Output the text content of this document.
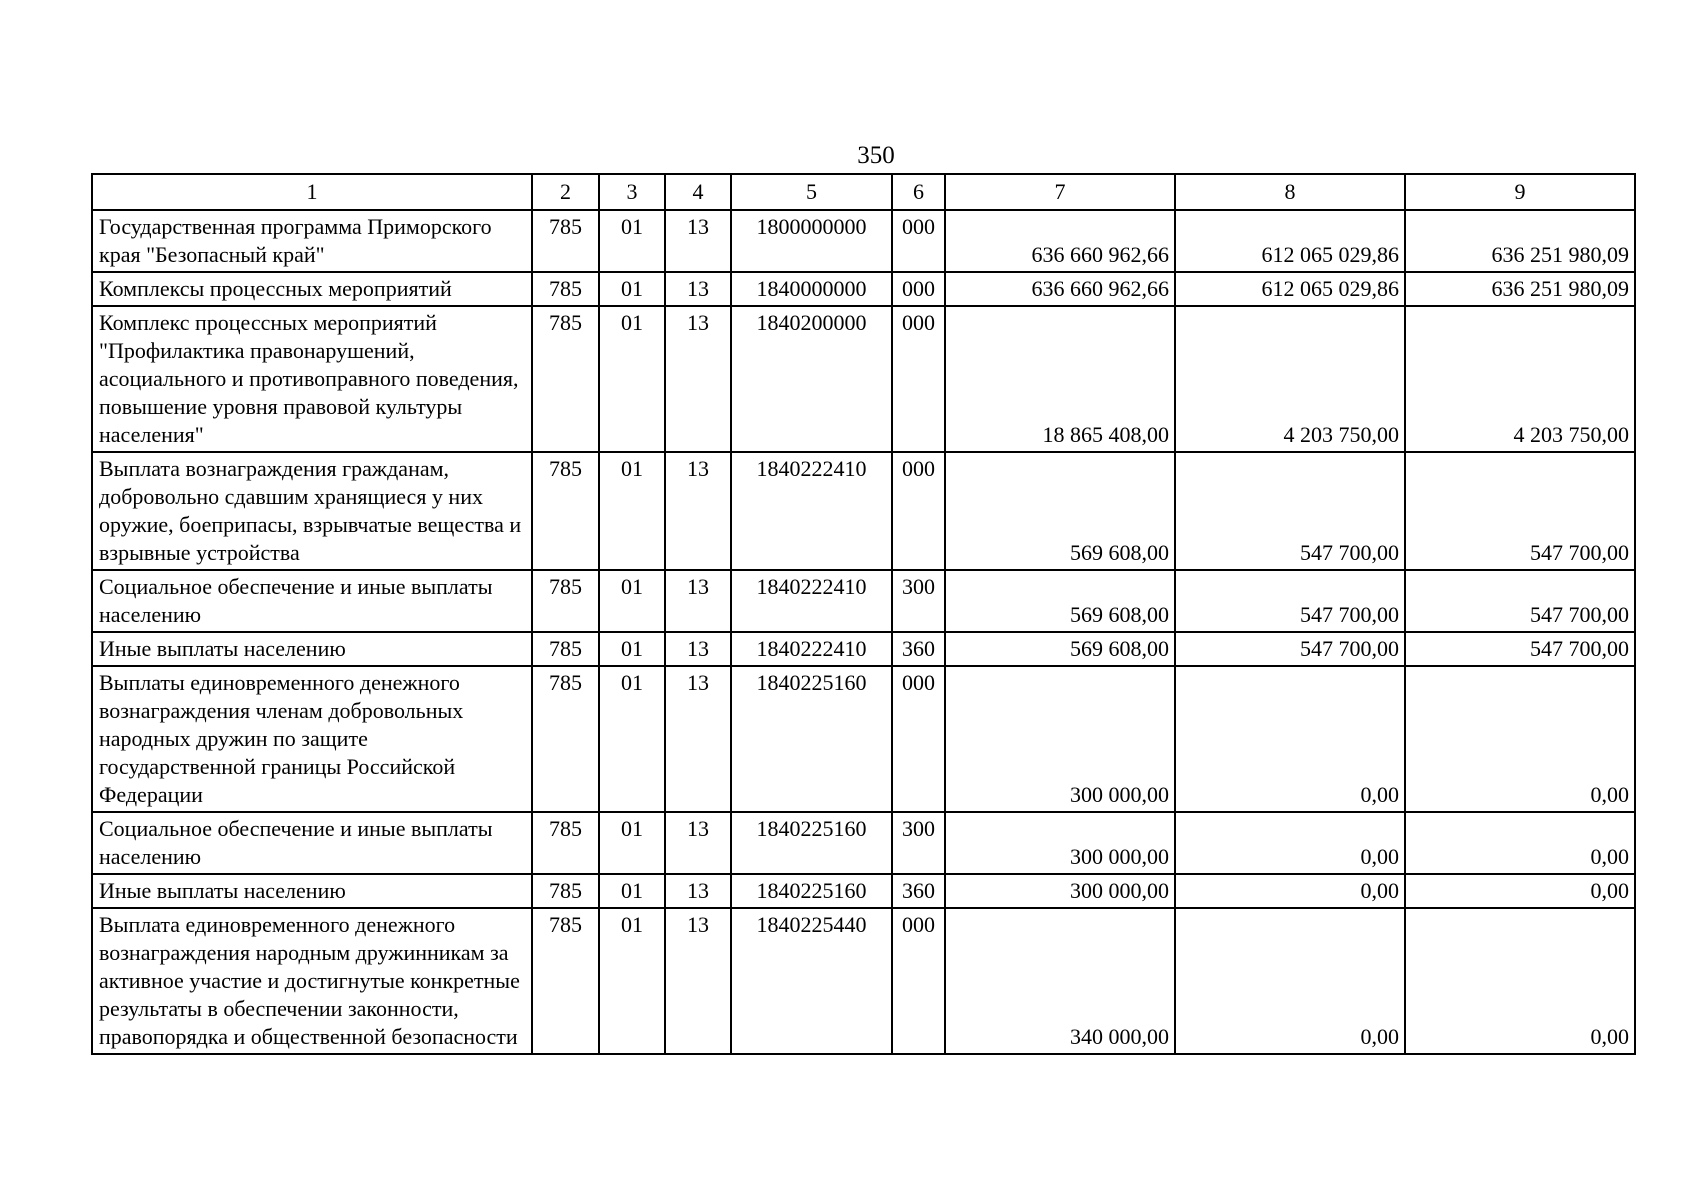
350
1	2	3	4	5	6	7	8	9
Государственная программа Приморского края "Безопасный край"	785	01	13	1800000000	000	636 660 962,66	612 065 029,86	636 251 980,09
Комплексы процессных мероприятий	785	01	13	1840000000	000	636 660 962,66	612 065 029,86	636 251 980,09
Комплекс процессных мероприятий "Профилактика правонарушений, асоциального и противоправного поведения, повышение уровня правовой культуры населения"	785	01	13	1840200000	000	18 865 408,00	4 203 750,00	4 203 750,00
Выплата вознаграждения гражданам, добровольно сдавшим хранящиеся у них оружие, боеприпасы, взрывчатые вещества и взрывные устройства	785	01	13	1840222410	000	569 608,00	547 700,00	547 700,00
Социальное обеспечение и иные выплаты населению	785	01	13	1840222410	300	569 608,00	547 700,00	547 700,00
Иные выплаты населению	785	01	13	1840222410	360	569 608,00	547 700,00	547 700,00
Выплаты единовременного денежного вознаграждения членам добровольных народных дружин по защите государственной границы Российской Федерации	785	01	13	1840225160	000	300 000,00	0,00	0,00
Социальное обеспечение и иные выплаты населению	785	01	13	1840225160	300	300 000,00	0,00	0,00
Иные выплаты населению	785	01	13	1840225160	360	300 000,00	0,00	0,00
Выплата единовременного денежного вознаграждения народным дружинникам за активное участие и достигнутые конкретные результаты в обеспечении законности, правопорядка и общественной безопасности	785	01	13	1840225440	000	340 000,00	0,00	0,00
